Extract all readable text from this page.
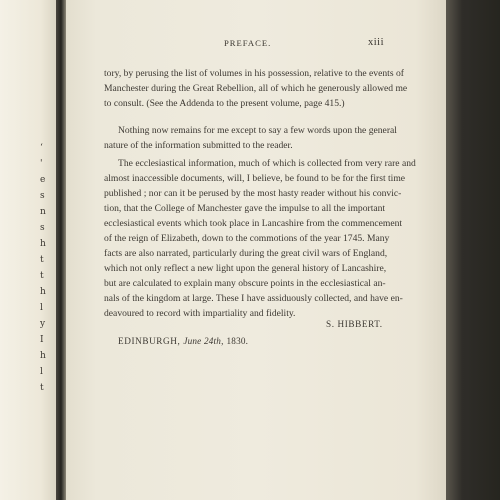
‘
'
e
s
n
s
h
t
t
h
l
y
I
h
l
t
PREFACE.	xiii
tory, by perusing the list of volumes in his possession, relative to the events of
Manchester during the Great Rebellion, all of which he generously allowed me
to consult. (See the Addenda to the present volume, page 415.)
Nothing now remains for me except to say a few words upon the general
nature of the information submitted to the reader.
The ecclesiastical information, much of which is collected from very rare and
almost inaccessible documents, will, I believe, be found to be for the first time
published ; nor can it be perused by the most hasty reader without his convic-
tion, that the College of Manchester gave the impulse to all the important
ecclesiastical events which took place in Lancashire from the commencement
of the reign of Elizabeth, down to the commotions of the year 1745. Many
facts are also narrated, particularly during the great civil wars of England,
which not only reflect a new light upon the general history of Lancashire,
but are calculated to explain many obscure points in the ecclesiastical an-
nals of the kingdom at large. These I have assiduously collected, and have en-
deavoured to record with impartiality and fidelity.
S. HIBBERT.
EDINBURGH, June 24th, 1830.
